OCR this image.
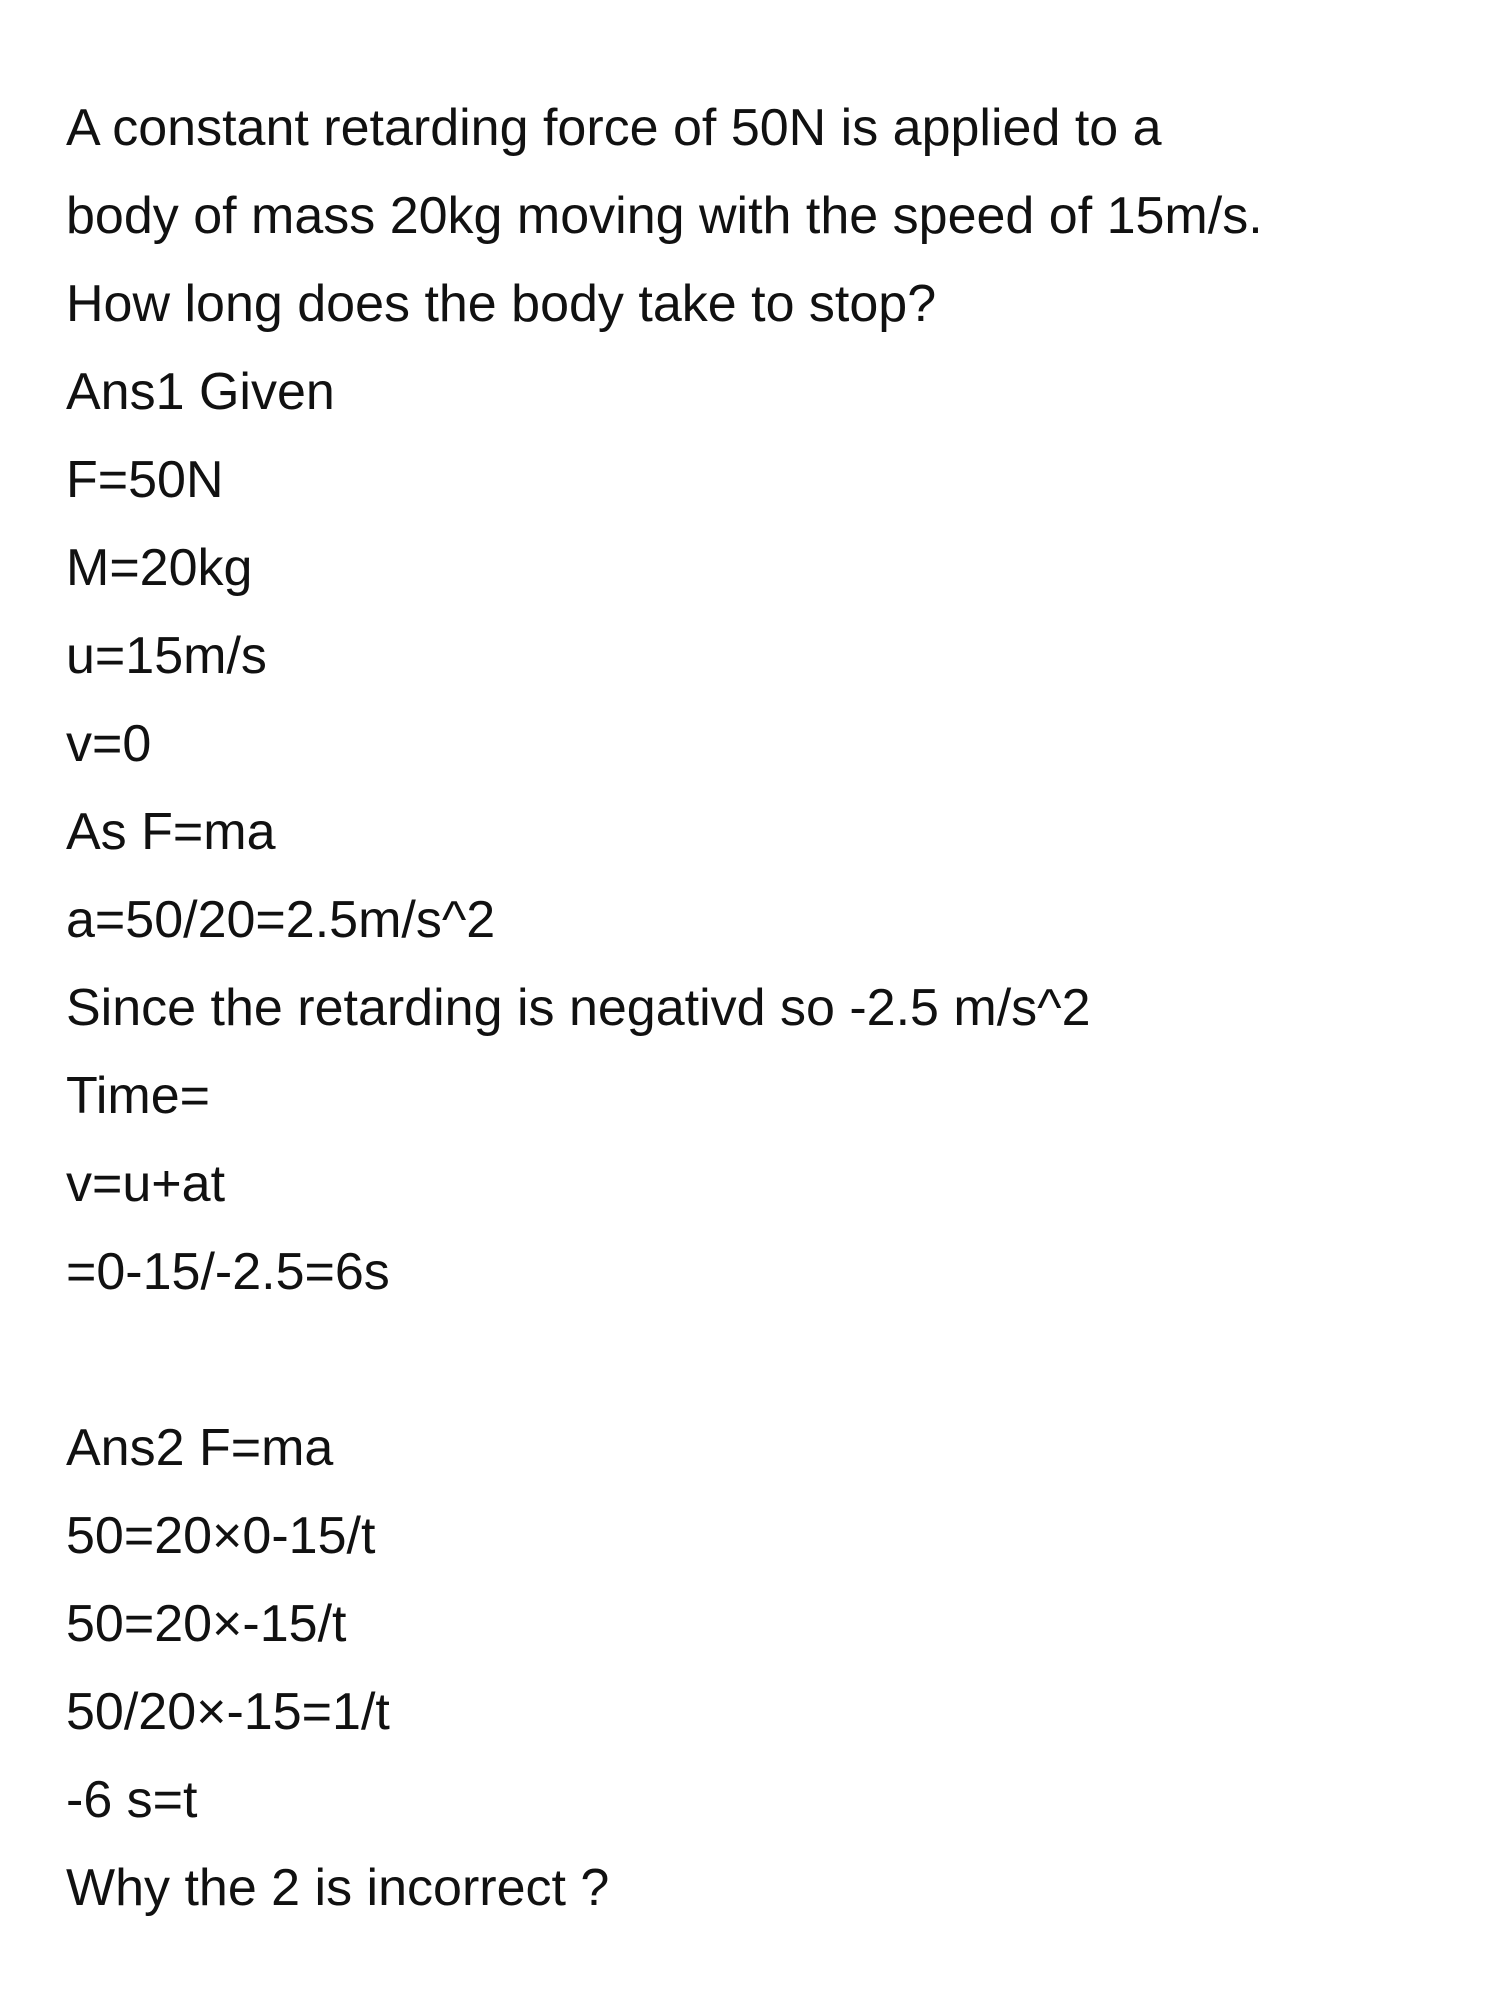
A constant retarding force of 50N is applied to a
body of mass 20kg moving with the speed of 15m/s.
How long does the body take to stop?
Ans1 Given
F=50N
M=20kg
u=15m/s
v=0
As F=ma
a=50/20=2.5m/s^2
Since the retarding is negativd so -2.5 m/s^2
Time=
v=u+at
=0-15/-2.5=6s
Ans2 F=ma
50=20×0-15/t
50=20×-15/t
50/20×-15=1/t
-6 s=t
Why the 2 is incorrect ?
